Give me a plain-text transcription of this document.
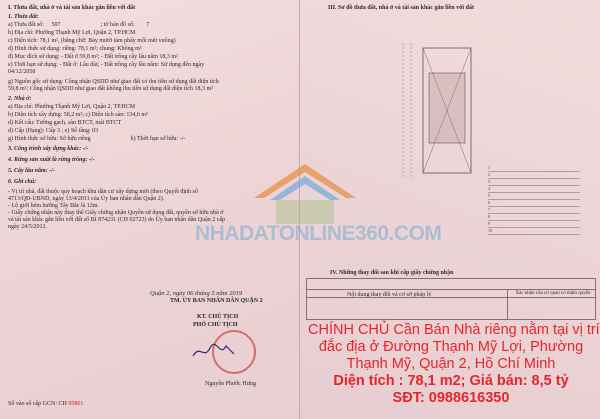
I. Thửa đất, nhà ở và tài sản khác gắn liền với đất
1. Thửa đất:
a) Thửa đất số: 507	; tờ bản đồ số: 7
b) Địa chỉ: Phường Thạnh Mỹ Lợi, Quận 2, TP.HCM
c) Diện tích: 78,1 m², (bằng chữ: Bảy mươi tám phẩy mốt mét vuông)
d) Hình thức sử dụng: riêng: 78,1 m²; chung: Không m²
đ) Mục đích sử dụng: - Đất ở 59,8 m²; - Đất trồng cây lâu năm 18,3 m²
e) Thời hạn sử dụng: - Đất ở: Lâu dài; - Đất trồng cây lâu năm: Sử dụng đến ngày
04/12/2058
g) Nguồn gốc sử dụng: Công nhận QSDD như giao đất có thu tiền sử dụng đất diện tích
59,8 m²; Công nhận QSDD như giao đất không thu tiền sử dụng đất diện tích 18,3 m²
2. Nhà ở:
a) Địa chỉ: Phường Thạnh Mỹ Lợi, Quận 2, TP.HCM
b) Diện tích xây dựng: 50,2 m²; c) Diện tích sàn: 134,6 m²
d) Kết cấu: Tường gạch, sàn BTCT, mái BTCT
d) Cấp (Hạng): Cấp 3 ; e) Số tầng: 03
g) Hình thức sở hữu: Sở hữu riêng	h) Thời hạn sở hữu: -/-
3. Công trình xây dựng khác: -/-
4. Rừng sản xuất là rừng trồng: -/-
5. Cây lâu năm: -/-
6. Ghi chú:
- Vị trí nhà, đất thuộc quy hoạch khu dân cư xây dựng mới (theo Quyết định số
4713/QĐ-UBND, ngày 13/4/2011 của Ủy ban nhân dân Quận 2).
- Lộ giới hẻm hướng Tây Bắc là 12m.
- Giấy chứng nhận này thay thế Giấy chứng nhận Quyền sử dụng đất, quyền sở hữu nhà ở
và tài sản khác gắn liền với đất số BI 874231 (CH 02723) do Ủy ban nhân dân Quận 2 cấp
ngày 24/5/2012.
Quận 2, ngày 06 tháng 5 năm 2019
TM. ỦY BAN NHÂN DÂN QUẬN 2
KT. CHỦ TỊCH
PHÓ CHỦ TỊCH
Nguyễn Phước Hưng
Số vào sổ cấp GCN: CH 05861
III. Sơ đồ thửa đất, nhà ở và tài sản khác gắn liền với đất
1
2
3
4
5
6
7
8
9
10
NHADATONLINE360.COM
IV. Những thay đổi sau khi cấp giấy chứng nhận
Nội dung thay đổi và cơ sở pháp lý	Xác nhận của cơ quan có thẩm quyền
CHÍNH CHỦ Cần Bán Nhà riêng nằm tại vị trí
đắc địa ở Đường Thạnh Mỹ Lợi, Phường
Thạnh Mỹ, Quận 2, Hồ Chí Minh
Diện tích : 78,1 m2; Giá bán: 8,5 tỷ
SĐT: 0988616350
